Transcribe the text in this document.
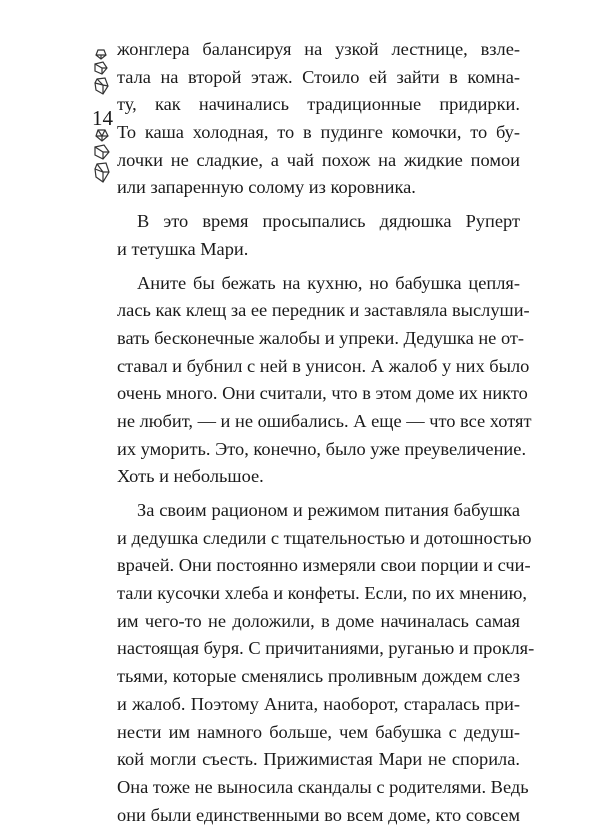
14
жонглера балансируя на узкой лестнице, взле-
тала на второй этаж. Стоило ей зайти в комна-
ту, как начинались традиционные придирки.
То каша холодная, то в пудинге комочки, то бу-
лочки не сладкие, а чай похож на жидкие помои
или запаренную солому из коровника.
В это время просыпались дядюшка Руперт
и тетушка Мари.
Аните бы бежать на кухню, но бабушка цепля-
лась как клещ за ее передник и заставляла выслуши-
вать бесконечные жалобы и упреки. Дедушка не от-
ставал и бубнил с ней в унисон. А жалоб у них было
очень много. Они считали, что в этом доме их никто
не любит, — и не ошибались. А еще — что все хотят
их уморить. Это, конечно, было уже преувеличение.
Хоть и небольшое.
За своим рационом и режимом питания бабушка
и дедушка следили с тщательностью и дотошностью
врачей. Они постоянно измеряли свои порции и счи-
тали кусочки хлеба и конфеты. Если, по их мнению,
им чего-то не доложили, в доме начиналась самая
настоящая буря. С причитаниями, руганью и прокля-
тьями, которые сменялись проливным дождем слез
и жалоб. Поэтому Анита, наоборот, старалась при-
нести им намного больше, чем бабушка с дедуш-
кой могли съесть. Прижимистая Мари не спорила.
Она тоже не выносила скандалы с родителями. Ведь
они были единственными во всем доме, кто совсем
